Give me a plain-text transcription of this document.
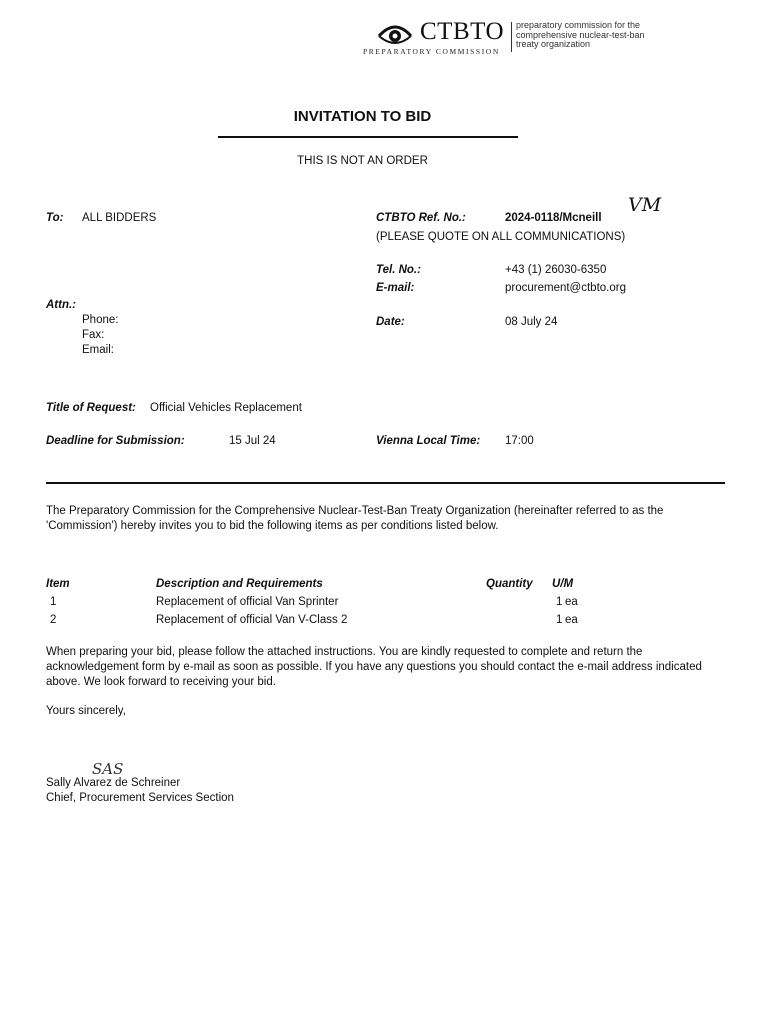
CTBTO
PREPARATORY COMMISSION
preparatory commission for the
comprehensive nuclear-test-ban
treaty organization
INVITATION TO BID
THIS IS NOT AN ORDER
To: ALL BIDDERS
Attn.:
Phone:
Fax:
Email:
CTBTO Ref. No.:	2024-0118/Mcneill
VM
(PLEASE QUOTE ON ALL COMMUNICATIONS)
Tel. No.:	+43 (1) 26030-6350
E-mail:	procurement@ctbto.org
Date:	08 July 24
Title of Request: Official Vehicles Replacement
Deadline for Submission:	15 Jul 24	Vienna Local Time: 17:00
The Preparatory Commission for the Comprehensive Nuclear-Test-Ban Treaty Organization (hereinafter referred to as the 'Commission') hereby invites you to bid the following items as per conditions listed below.
Item	Description and Requirements	Quantity U/M
1	Replacement of official Van Sprinter	1 ea
2	Replacement of official Van V-Class 2	1 ea
When preparing your bid, please follow the attached instructions. You are kindly requested to complete and return the acknowledgement form by e-mail as soon as possible. If you have any questions you should contact the e-mail address indicated above. We look forward to receiving your bid.
Yours sincerely,
SAS
Sally Alvarez de Schreiner
Chief, Procurement Services Section
